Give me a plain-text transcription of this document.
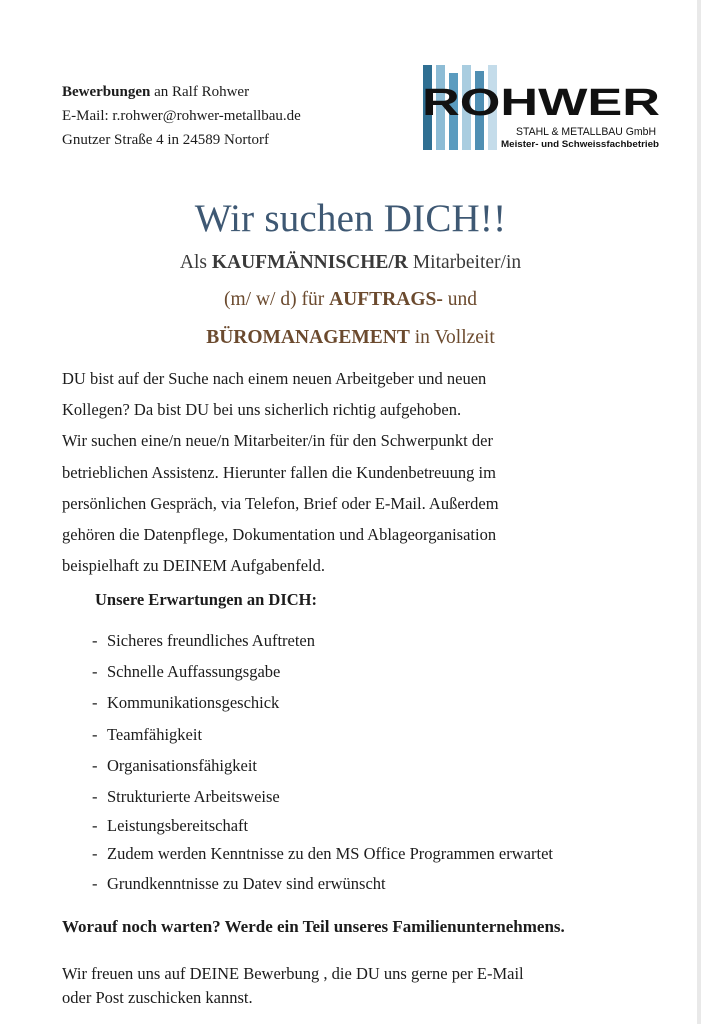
Bewerbungen an Ralf Rohwer
E-Mail: r.rohwer@rohwer-metallbau.de
Gnutzer Straße 4 in 24589 Nortorf
ROHWER
STAHL & METALLBAU GmbH
Meister- und Schweissfachbetrieb
Wir suchen DICH!!
Als KAUFMÄNNISCHE/R Mitarbeiter/in
(m/ w/ d) für AUFTRAGS- und
BÜROMANAGEMENT in Vollzeit
DU bist auf der Suche nach einem neuen Arbeitgeber und neuen
Kollegen? Da bist DU bei uns sicherlich richtig aufgehoben.
Wir suchen eine/n neue/n Mitarbeiter/in für den Schwerpunkt der
betrieblichen Assistenz. Hierunter fallen die Kundenbetreuung im
persönlichen Gespräch, via Telefon, Brief oder E-Mail. Außerdem
gehören die Datenpflege, Dokumentation und Ablageorganisation
beispielhaft zu DEINEM Aufgabenfeld.
Unsere Erwartungen an DICH:
- Sicheres freundliches Auftreten
- Schnelle Auffassungsgabe
- Kommunikationsgeschick
- Teamfähigkeit
- Organisationsfähigkeit
- Strukturierte Arbeitsweise
- Leistungsbereitschaft
- Zudem werden Kenntnisse zu den MS Office Programmen erwartet
- Grundkenntnisse zu Datev sind erwünscht
Worauf noch warten? Werde ein Teil unseres Familienunternehmens.
Wir freuen uns auf DEINE Bewerbung , die DU uns gerne per E-Mail
oder Post zuschicken kannst.
